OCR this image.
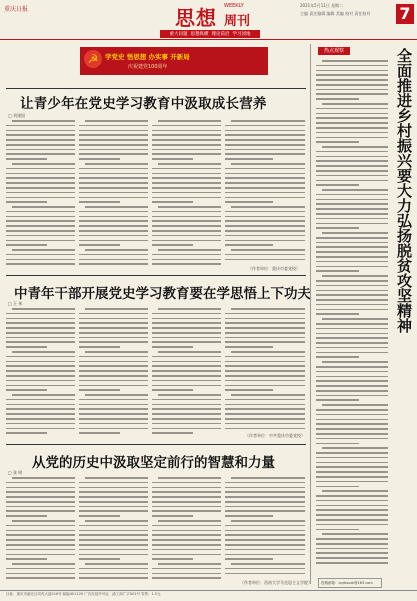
重庆日报	WEEKLY
思想 周刊
2021年5月11日 星期二
主编 责任编辑 编辑 美编 校对 责任校对 7
重大问题 思想纵横 理论前沿 学习园地
☭	学党史 悟思想 办实事 开新局
庆祝建党100周年
热点观察	全面推进乡村振兴要大力弘扬脱贫攻坚精神
让青少年在党史学习教育中汲取成长营养
□ 刘建国
（作者单位：重庆市委党校）
中青年干部开展党史学习教育要在学思悟上下功夫
□ 王 伟
（作者单位：中共重庆市委党校）
从党的历史中汲取坚定前行的智慧和力量
□ 张 明
（作者单位：西南大学马克思主义学院）	投稿邮箱：cqrbsxzk@163.com
社址：重庆市渝北区同茂大道416号 邮编401120 广告经营许可证：渝工商广字001号 零售：1.5元
